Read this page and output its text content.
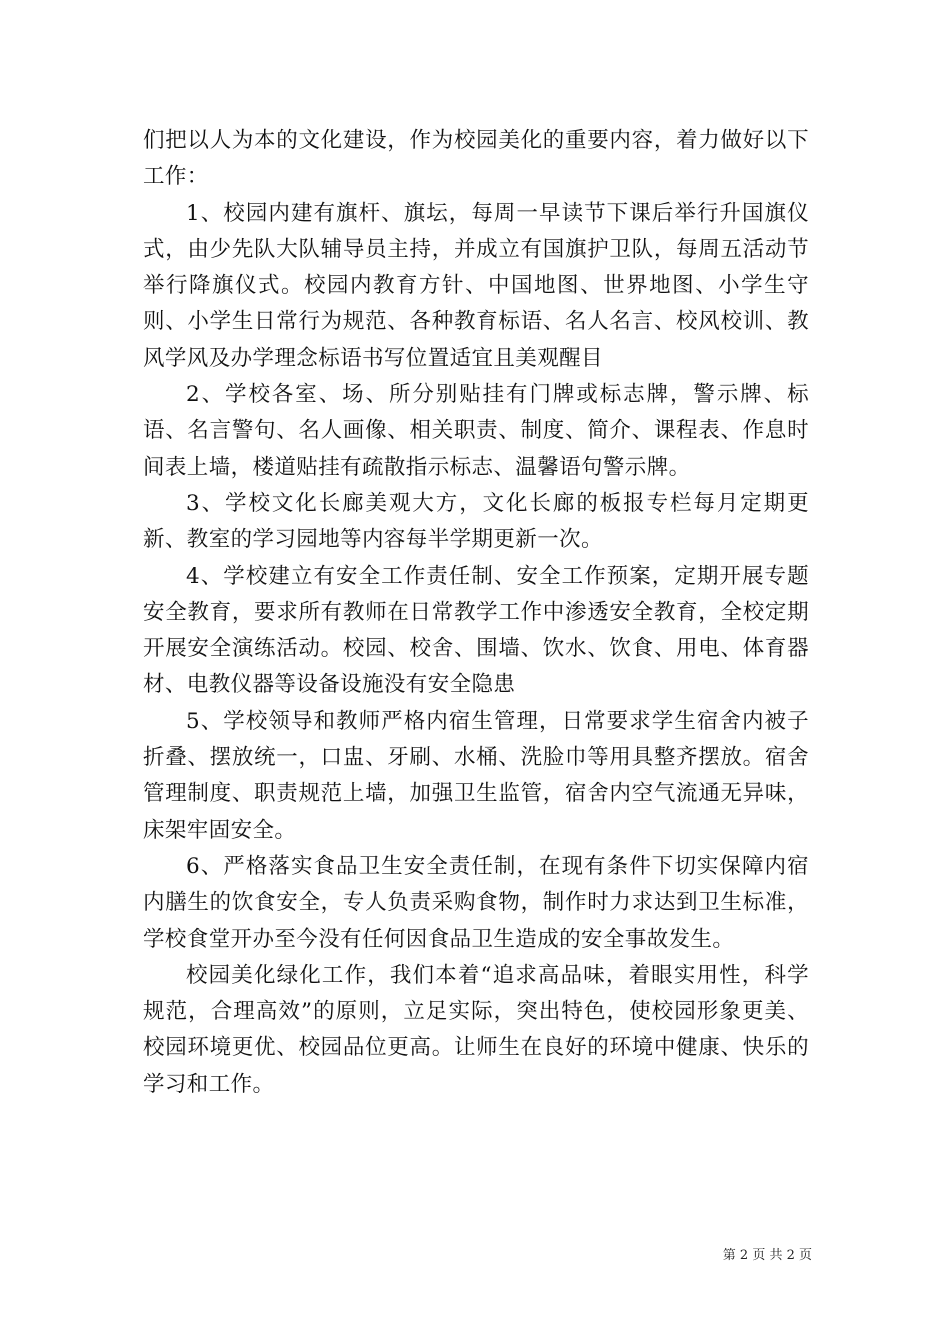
们把以人为本的文化建设，作为校园美化的重要内容，着力做好以下工作：

1、校园内建有旗杆、旗坛，每周一早读节下课后举行升国旗仪式，由少先队大队辅导员主持，并成立有国旗护卫队，每周五活动节举行降旗仪式。校园内教育方针、中国地图、世界地图、小学生守则、小学生日常行为规范、各种教育标语、名人名言、校风校训、教风学风及办学理念标语书写位置适宜且美观醒目

2、学校各室、场、所分别贴挂有门牌或标志牌，警示牌、标语、名言警句、名人画像、相关职责、制度、简介、课程表、作息时间表上墙，楼道贴挂有疏散指示标志、温馨语句警示牌。

3、学校文化长廊美观大方，文化长廊的板报专栏每月定期更新、教室的学习园地等内容每半学期更新一次。

4、学校建立有安全工作责任制、安全工作预案，定期开展专题安全教育，要求所有教师在日常教学工作中渗透安全教育，全校定期开展安全演练活动。校园、校舍、围墙、饮水、饮食、用电、体育器材、电教仪器等设备设施没有安全隐患

5、学校领导和教师严格内宿生管理，日常要求学生宿舍内被子折叠、摆放统一，口盅、牙刷、水桶、洗脸巾等用具整齐摆放。宿舍管理制度、职责规范上墙，加强卫生监管，宿舍内空气流通无异味，床架牢固安全。

6、严格落实食品卫生安全责任制，在现有条件下切实保障内宿内膳生的饮食安全，专人负责采购食物，制作时力求达到卫生标准，学校食堂开办至今没有任何因食品卫生造成的安全事故发生。

校园美化绿化工作，我们本着“追求高品味，着眼实用性，科学规范，合理高效”的原则，立足实际，突出特色，使校园形象更美、校园环境更优、校园品位更高。让师生在良好的环境中健康、快乐的学习和工作。

第 2 页 共 2 页
